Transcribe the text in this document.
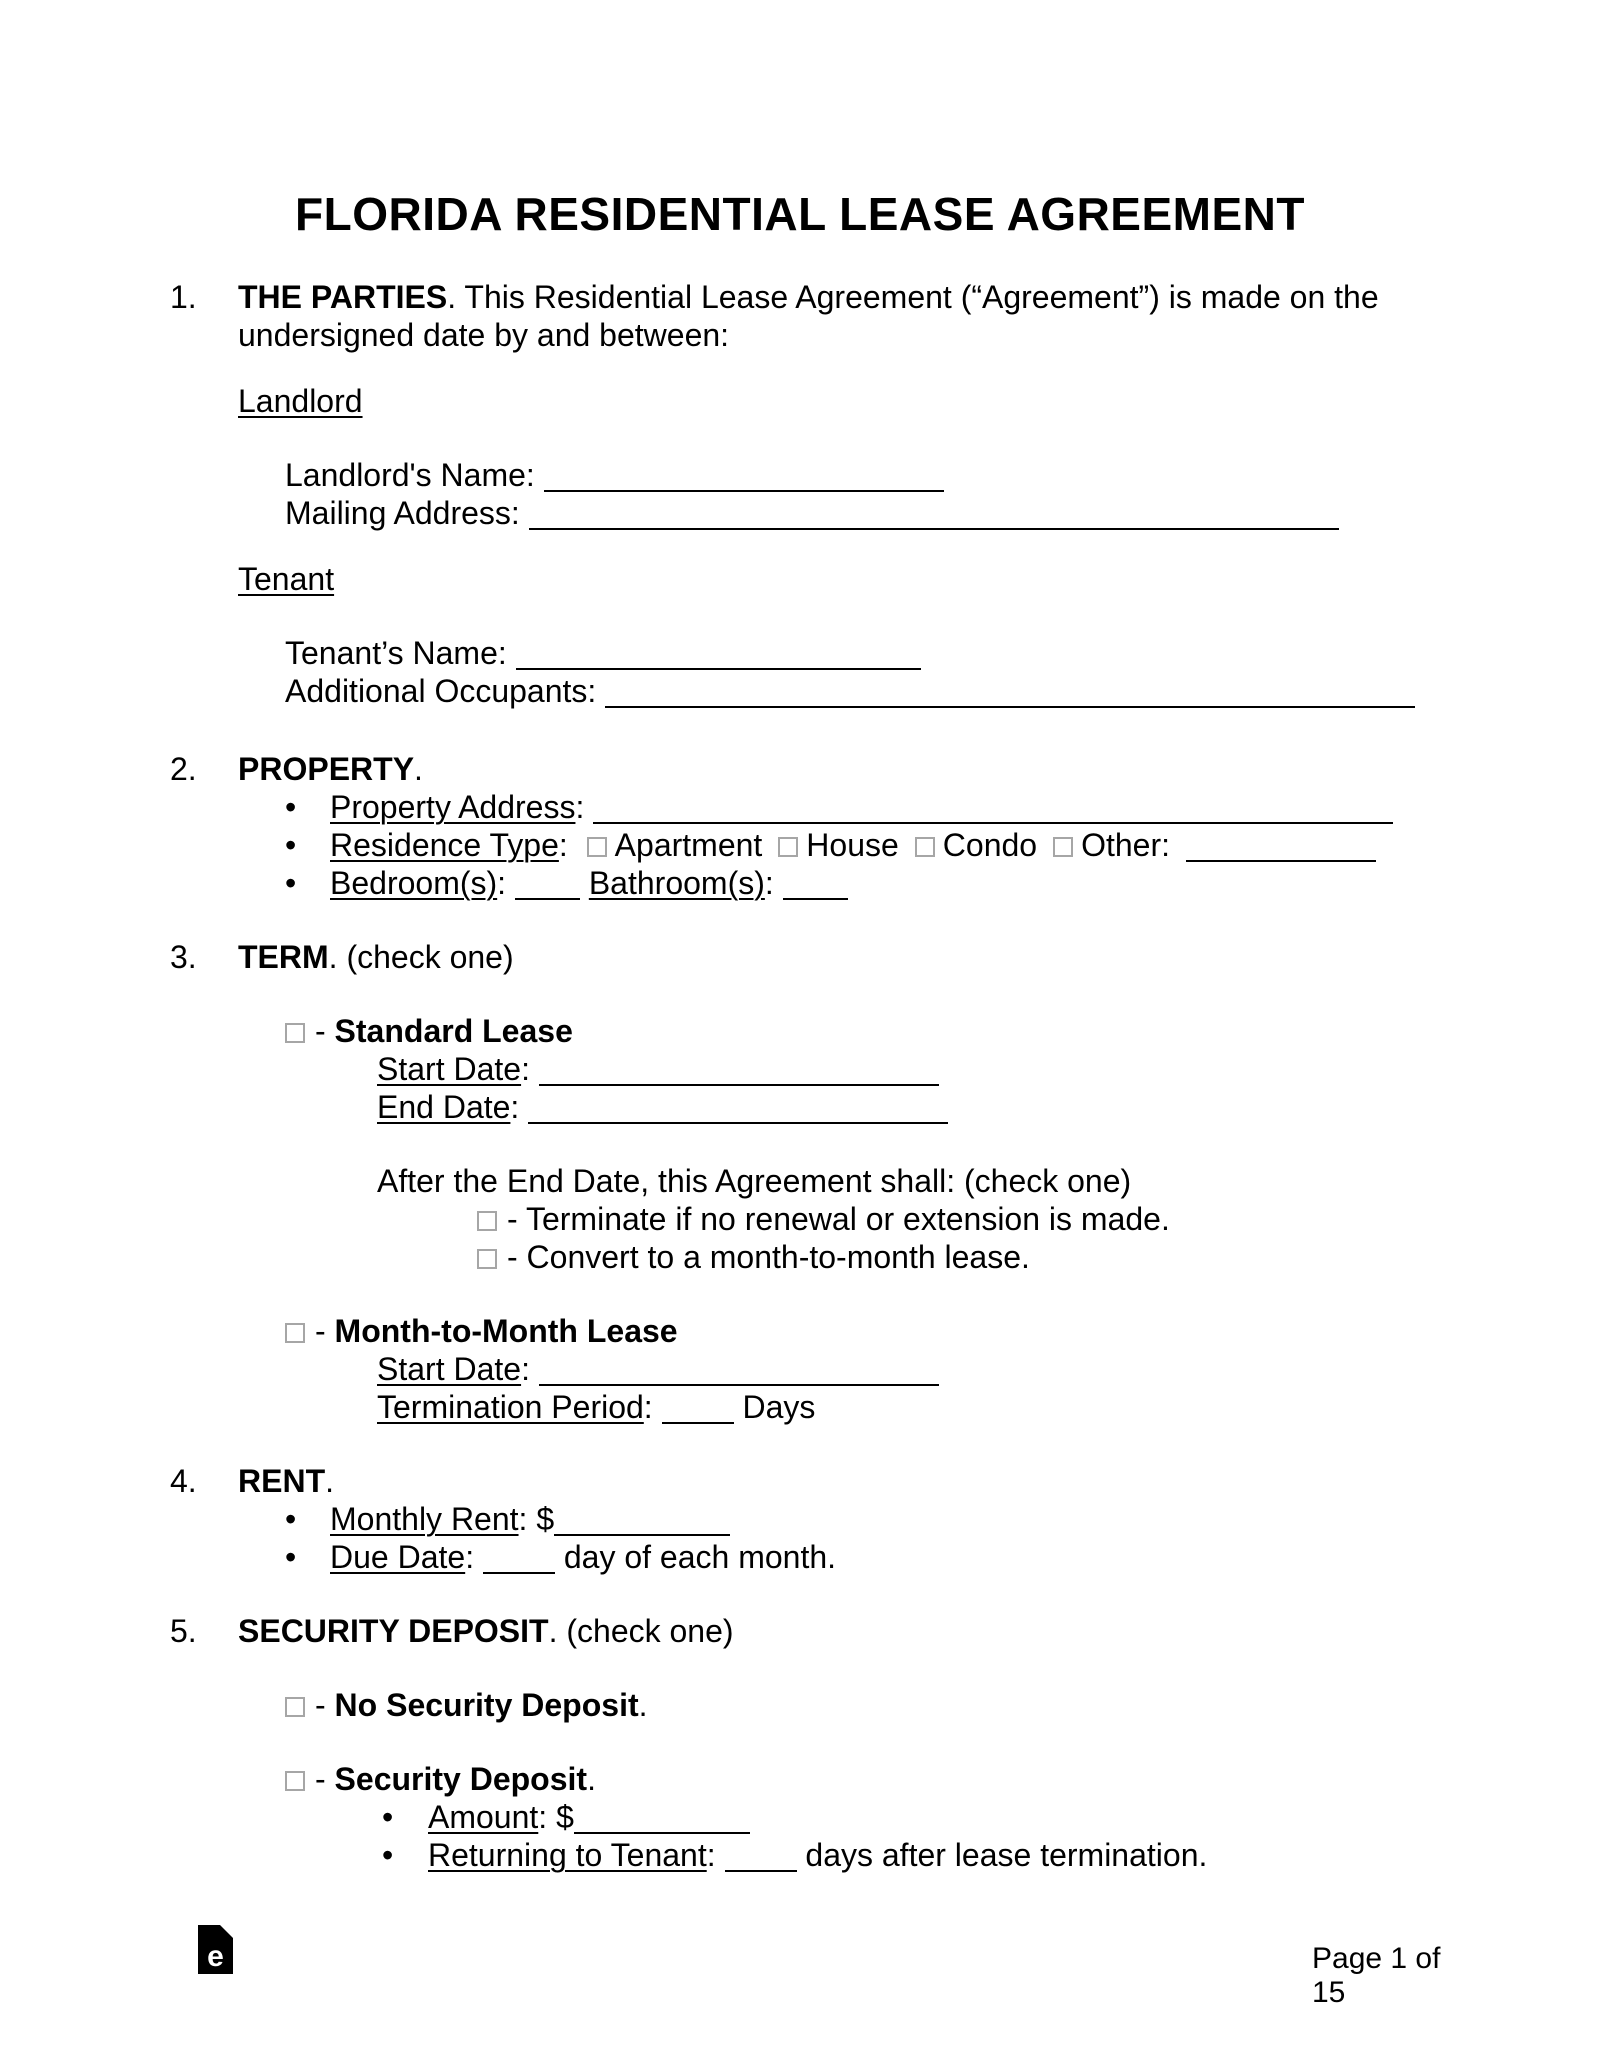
FLORIDA RESIDENTIAL LEASE AGREEMENT
1. THE PARTIES. This Residential Lease Agreement (“Agreement”) is made on the
undersigned date by and between:
Landlord
Landlord's Name:
Mailing Address:
Tenant
Tenant’s Name:
Additional Occupants:
2. PROPERTY.
• Property Address:
• Residence Type: Apartment House Condo Other:
• Bedroom(s):	Bathroom(s):
3. TERM. (check one)
- Standard Lease
Start Date:
End Date:
After the End Date, this Agreement shall: (check one)
- Terminate if no renewal or extension is made.
- Convert to a month-to-month lease.
- Month-to-Month Lease
Start Date:
Termination Period:	Days
4. RENT.
• Monthly Rent: $
• Due Date:	day of each month.
5. SECURITY DEPOSIT. (check one)
- No Security Deposit.
- Security Deposit.
• Amount: $
• Returning to Tenant:	days after lease termination.
e	Page 1 of 15
